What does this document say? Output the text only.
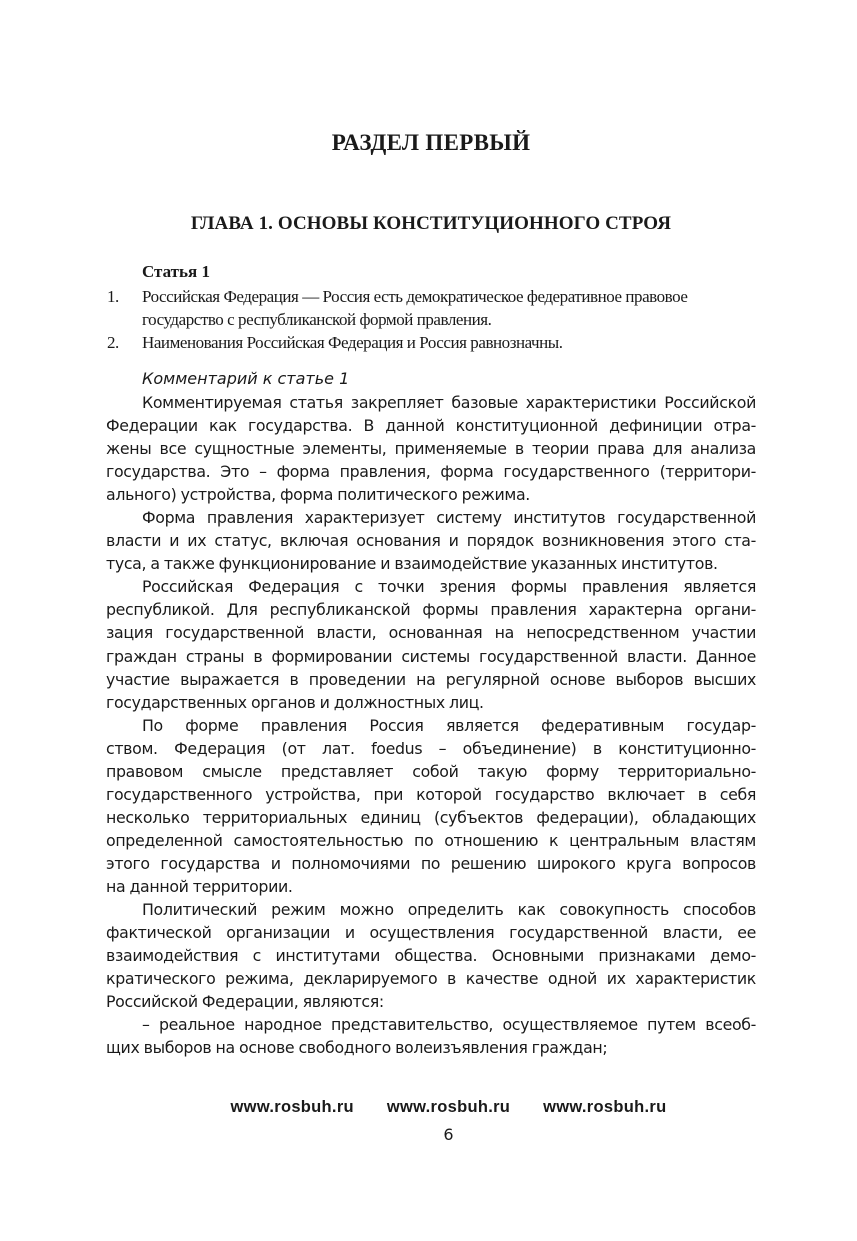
РАЗДЕЛ ПЕРВЫЙ
ГЛАВА 1. ОСНОВЫ КОНСТИТУЦИОННОГО СТРОЯ
Статья 1
1. Российская Федерация — Россия есть демократическое федеративное правовое
государство с республиканской формой правления.
2. Наименования Российская Федерация и Россия равнозначны.
Комментарий к статье 1

Комментируемая статья закрепляет базовые характеристики Российской
Федерации как государства. В данной конституционной дефиниции отра-
жены все сущностные элементы, применяемые в теории права для анализа
государства. Это – форма правления, форма государственного (территори-
ального) устройства, форма политического режима.

Форма правления характеризует систему институтов государственной
власти и их статус, включая основания и порядок возникновения этого ста-
туса, а также функционирование и взаимодействие указанных институтов.

Российская Федерация с точки зрения формы правления является
республикой. Для республиканской формы правления характерна органи-
зация государственной власти, основанная на непосредственном участии
граждан страны в формировании системы государственной власти. Данное
участие выражается в проведении на регулярной основе выборов высших
государственных органов и должностных лиц.

По форме правления Россия является федеративным государ-
ством. Федерация (от лат. foedus – объединение) в конституционно-
правовом смысле представляет собой такую форму территориально-
государственного устройства, при которой государство включает в себя
несколько территориальных единиц (субъектов федерации), обладающих
определенной самостоятельностью по отношению к центральным властям
этого государства и полномочиями по решению широкого круга вопросов
на данной территории.

Политический режим можно определить как совокупность способов
фактической организации и осуществления государственной власти, ее
взаимодействия с институтами общества. Основными признаками демо-
кратического режима, декларируемого в качестве одной их характеристик
Российской Федерации, являются:

– реальное народное представительство, осуществляемое путем всеоб-
щих выборов на основе свободного волеизъявления граждан;

www.rosbuh.ru www.rosbuh.ru www.rosbuh.ru
6
